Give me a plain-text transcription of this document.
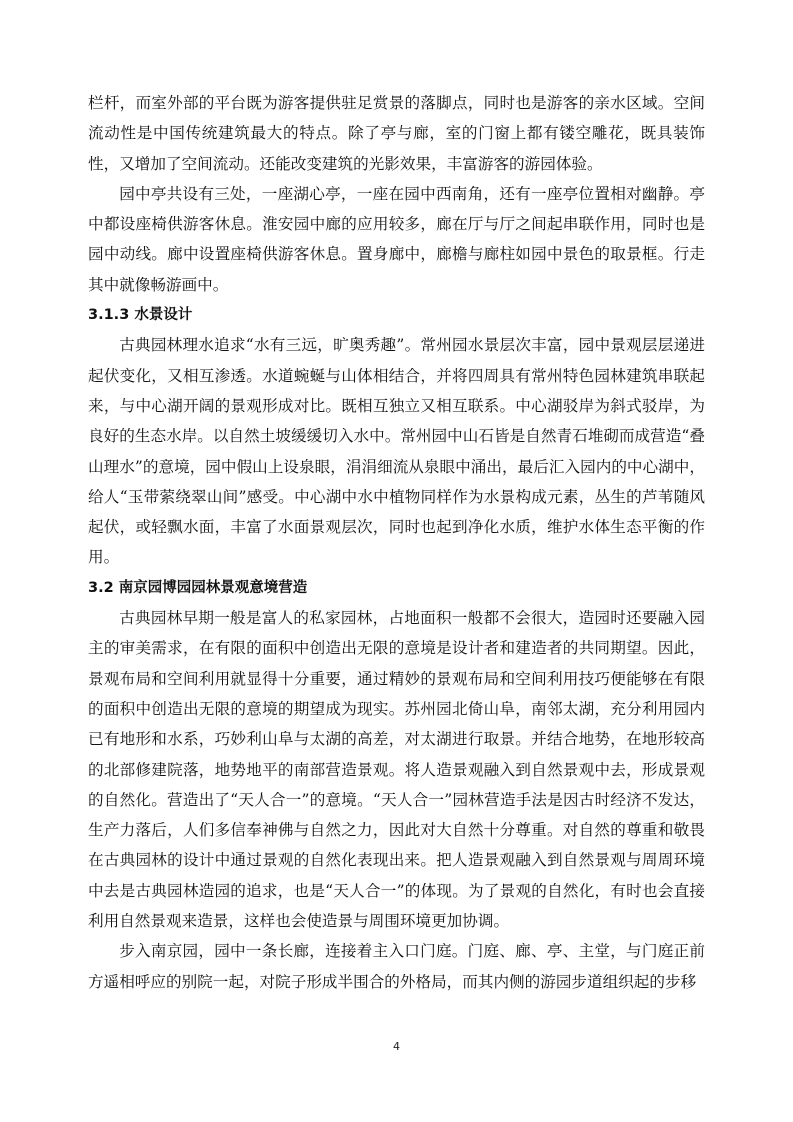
栏杆，而室外部的平台既为游客提供驻足赏景的落脚点，同时也是游客的亲水区域。空间流动性是中国传统建筑最大的特点。除了亭与廊，室的门窗上都有镂空雕花，既具装饰性，又增加了空间流动。还能改变建筑的光影效果，丰富游客的游园体验。

园中亭共设有三处，一座湖心亭，一座在园中西南角，还有一座亭位置相对幽静。亭中都设座椅供游客休息。淮安园中廊的应用较多，廊在厅与厅之间起串联作用，同时也是园中动线。廊中设置座椅供游客休息。置身廊中，廊檐与廊柱如园中景色的取景框。行走其中就像畅游画中。

3.1.3 水景设计

古典园林理水追求“水有三远，旷奥秀趣”。常州园水景层次丰富，园中景观层层递进起伏变化，又相互渗透。水道蜿蜒与山体相结合，并将四周具有常州特色园林建筑串联起来，与中心湖开阔的景观形成对比。既相互独立又相互联系。中心湖驳岸为斜式驳岸，为良好的生态水岸。以自然土坡缓缓切入水中。常州园中山石皆是自然青石堆砌而成营造“叠山理水”的意境，园中假山上设泉眼，涓涓细流从泉眼中涌出，最后汇入园内的中心湖中，给人“玉带萦绕翠山间”感受。中心湖中水中植物同样作为水景构成元素，丛生的芦苇随风起伏，或轻飘水面，丰富了水面景观层次，同时也起到净化水质，维护水体生态平衡的作用。

3.2 南京园博园园林景观意境营造

古典园林早期一般是富人的私家园林，占地面积一般都不会很大，造园时还要融入园主的审美需求，在有限的面积中创造出无限的意境是设计者和建造者的共同期望。因此，景观布局和空间利用就显得十分重要，通过精妙的景观布局和空间利用技巧便能够在有限的面积中创造出无限的意境的期望成为现实。苏州园北倚山阜，南邻太湖，充分利用园内已有地形和水系，巧妙利山阜与太湖的高差，对太湖进行取景。并结合地势，在地形较高的北部修建院落，地势地平的南部营造景观。将人造景观融入到自然景观中去，形成景观的自然化。营造出了“天人合一”的意境。“天人合一”园林营造手法是因古时经济不发达，生产力落后，人们多信奉神佛与自然之力，因此对大自然十分尊重。对自然的尊重和敬畏在古典园林的设计中通过景观的自然化表现出来。把人造景观融入到自然景观与周周环境中去是古典园林造园的追求，也是“天人合一”的体现。为了景观的自然化，有时也会直接利用自然景观来造景，这样也会使造景与周围环境更加协调。

步入南京园，园中一条长廊，连接着主入口门庭。门庭、廊、亭、主堂，与门庭正前方遥相呼应的别院一起，对院子形成半围合的外格局，而其内侧的游园步道组织起的步移

4
